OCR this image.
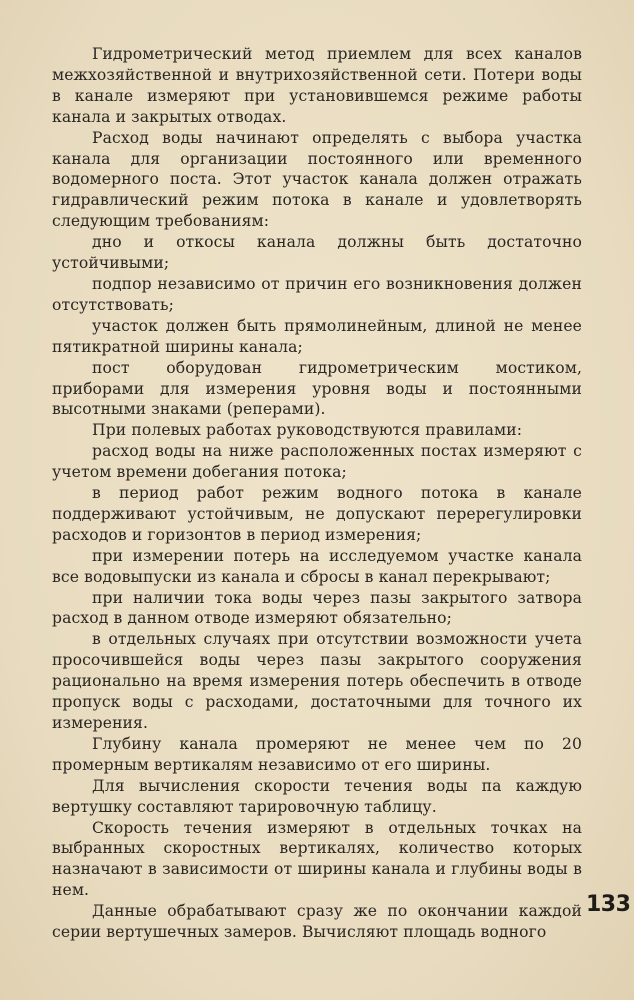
Гидрометрический метод приемлем для всех каналов межхозяйственной и внутрихозяйственной сети. Потери воды в канале измеряют при установившемся режиме работы канала и закрытых отводах.

Расход воды начинают определять с выбора участка канала для организации постоянного или временного водомерного поста. Этот участок канала должен отражать гидравлический режим потока в канале и удовлетворять следующим требованиям:

дно и откосы канала должны быть достаточно устойчивыми;

подпор независимо от причин его возникновения должен отсутствовать;

участок должен быть прямолинейным, длиной не менее пятикратной ширины канала;

пост оборудован гидрометрическим мостиком, приборами для измерения уровня воды и постоянными высотными знаками (реперами).

При полевых работах руководствуются правилами:

расход воды на ниже расположенных постах измеряют с учетом времени добегания потока;

в период работ режим водного потока в канале поддерживают устойчивым, не допускают перерегулировки расходов и горизонтов в период измерения;

при измерении потерь на исследуемом участке канала все водовыпуски из канала и сбросы в канал перекрывают;

при наличии тока воды через пазы закрытого затвора расход в данном отводе измеряют обязательно;

в отдельных случаях при отсутствии возможности учета просочившейся воды через пазы закрытого сооружения рационально на время измерения потерь обеспечить в отводе пропуск воды с расходами, достаточными для точного их измерения.

Глубину канала промеряют не менее чем по 20 промерным вертикалям независимо от его ширины.

Для вычисления скорости течения воды па каждую вертушку составляют тарировочную таблицу.

Скорость течения измеряют в отдельных точках на выбранных скоростных вертикалях, количество которых назначают в зависимости от ширины канала и глубины воды в нем.

Данные обрабатывают сразу же по окончании каждой серии вертушечных замеров. Вычисляют площадь водного

133
